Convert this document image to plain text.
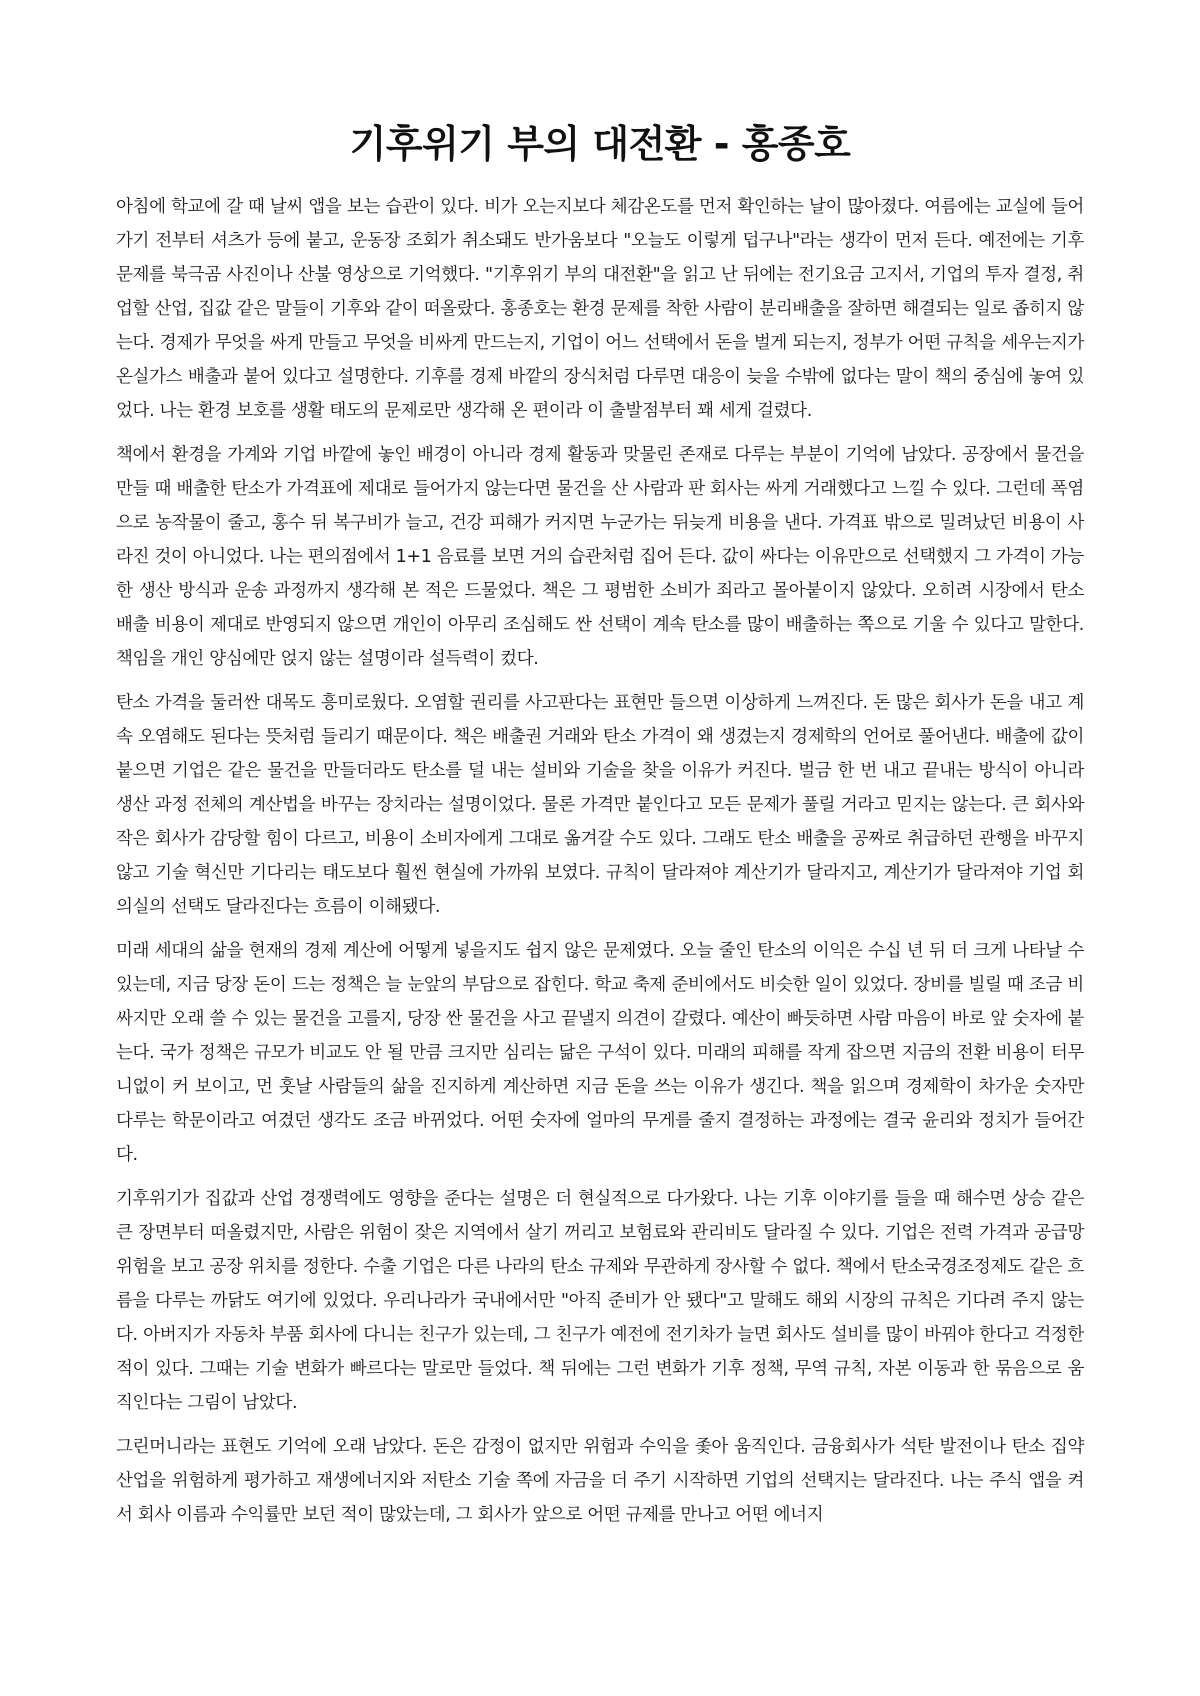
기후위기 부의 대전환 - 홍종호

아침에 학교에 갈 때 날씨 앱을 보는 습관이 있다. 비가 오는지보다 체감온도를 먼저 확인하는 날이 많아졌다. 여름에는 교실에 들어가기 전부터 셔츠가 등에 붙고, 운동장 조회가 취소돼도 반가움보다 "오늘도 이렇게 덥구나"라는 생각이 먼저 든다. 예전에는 기후 문제를 북극곰 사진이나 산불 영상으로 기억했다. "기후위기 부의 대전환"을 읽고 난 뒤에는 전기요금 고지서, 기업의 투자 결정, 취업할 산업, 집값 같은 말들이 기후와 같이 떠올랐다. 홍종호는 환경 문제를 착한 사람이 분리배출을 잘하면 해결되는 일로 좁히지 않는다. 경제가 무엇을 싸게 만들고 무엇을 비싸게 만드는지, 기업이 어느 선택에서 돈을 벌게 되는지, 정부가 어떤 규칙을 세우는지가 온실가스 배출과 붙어 있다고 설명한다. 기후를 경제 바깥의 장식처럼 다루면 대응이 늦을 수밖에 없다는 말이 책의 중심에 놓여 있었다. 나는 환경 보호를 생활 태도의 문제로만 생각해 온 편이라 이 출발점부터 꽤 세게 걸렸다.

책에서 환경을 가계와 기업 바깥에 놓인 배경이 아니라 경제 활동과 맞물린 존재로 다루는 부분이 기억에 남았다. 공장에서 물건을 만들 때 배출한 탄소가 가격표에 제대로 들어가지 않는다면 물건을 산 사람과 판 회사는 싸게 거래했다고 느낄 수 있다. 그런데 폭염으로 농작물이 줄고, 홍수 뒤 복구비가 늘고, 건강 피해가 커지면 누군가는 뒤늦게 비용을 낸다. 가격표 밖으로 밀려났던 비용이 사라진 것이 아니었다. 나는 편의점에서 1+1 음료를 보면 거의 습관처럼 집어 든다. 값이 싸다는 이유만으로 선택했지 그 가격이 가능한 생산 방식과 운송 과정까지 생각해 본 적은 드물었다. 책은 그 평범한 소비가 죄라고 몰아붙이지 않았다. 오히려 시장에서 탄소 배출 비용이 제대로 반영되지 않으면 개인이 아무리 조심해도 싼 선택이 계속 탄소를 많이 배출하는 쪽으로 기울 수 있다고 말한다. 책임을 개인 양심에만 얹지 않는 설명이라 설득력이 컸다.

탄소 가격을 둘러싼 대목도 흥미로웠다. 오염할 권리를 사고판다는 표현만 들으면 이상하게 느껴진다. 돈 많은 회사가 돈을 내고 계속 오염해도 된다는 뜻처럼 들리기 때문이다. 책은 배출권 거래와 탄소 가격이 왜 생겼는지 경제학의 언어로 풀어낸다. 배출에 값이 붙으면 기업은 같은 물건을 만들더라도 탄소를 덜 내는 설비와 기술을 찾을 이유가 커진다. 벌금 한 번 내고 끝내는 방식이 아니라 생산 과정 전체의 계산법을 바꾸는 장치라는 설명이었다. 물론 가격만 붙인다고 모든 문제가 풀릴 거라고 믿지는 않는다. 큰 회사와 작은 회사가 감당할 힘이 다르고, 비용이 소비자에게 그대로 옮겨갈 수도 있다. 그래도 탄소 배출을 공짜로 취급하던 관행을 바꾸지 않고 기술 혁신만 기다리는 태도보다 훨씬 현실에 가까워 보였다. 규칙이 달라져야 계산기가 달라지고, 계산기가 달라져야 기업 회의실의 선택도 달라진다는 흐름이 이해됐다.

미래 세대의 삶을 현재의 경제 계산에 어떻게 넣을지도 쉽지 않은 문제였다. 오늘 줄인 탄소의 이익은 수십 년 뒤 더 크게 나타날 수 있는데, 지금 당장 돈이 드는 정책은 늘 눈앞의 부담으로 잡힌다. 학교 축제 준비에서도 비슷한 일이 있었다. 장비를 빌릴 때 조금 비싸지만 오래 쓸 수 있는 물건을 고를지, 당장 싼 물건을 사고 끝낼지 의견이 갈렸다. 예산이 빠듯하면 사람 마음이 바로 앞 숫자에 붙는다. 국가 정책은 규모가 비교도 안 될 만큼 크지만 심리는 닮은 구석이 있다. 미래의 피해를 작게 잡으면 지금의 전환 비용이 터무니없이 커 보이고, 먼 훗날 사람들의 삶을 진지하게 계산하면 지금 돈을 쓰는 이유가 생긴다. 책을 읽으며 경제학이 차가운 숫자만 다루는 학문이라고 여겼던 생각도 조금 바뀌었다. 어떤 숫자에 얼마의 무게를 줄지 결정하는 과정에는 결국 윤리와 정치가 들어간다.

기후위기가 집값과 산업 경쟁력에도 영향을 준다는 설명은 더 현실적으로 다가왔다. 나는 기후 이야기를 들을 때 해수면 상승 같은 큰 장면부터 떠올렸지만, 사람은 위험이 잦은 지역에서 살기 꺼리고 보험료와 관리비도 달라질 수 있다. 기업은 전력 가격과 공급망 위험을 보고 공장 위치를 정한다. 수출 기업은 다른 나라의 탄소 규제와 무관하게 장사할 수 없다. 책에서 탄소국경조정제도 같은 흐름을 다루는 까닭도 여기에 있었다. 우리나라가 국내에서만 "아직 준비가 안 됐다"고 말해도 해외 시장의 규칙은 기다려 주지 않는다. 아버지가 자동차 부품 회사에 다니는 친구가 있는데, 그 친구가 예전에 전기차가 늘면 회사도 설비를 많이 바꿔야 한다고 걱정한 적이 있다. 그때는 기술 변화가 빠르다는 말로만 들었다. 책 뒤에는 그런 변화가 기후 정책, 무역 규칙, 자본 이동과 한 묶음으로 움직인다는 그림이 남았다.

그린머니라는 표현도 기억에 오래 남았다. 돈은 감정이 없지만 위험과 수익을 좇아 움직인다. 금융회사가 석탄 발전이나 탄소 집약 산업을 위험하게 평가하고 재생에너지와 저탄소 기술 쪽에 자금을 더 주기 시작하면 기업의 선택지는 달라진다. 나는 주식 앱을 켜서 회사 이름과 수익률만 보던 적이 많았는데, 그 회사가 앞으로 어떤 규제를 만나고 어떤 에너지
